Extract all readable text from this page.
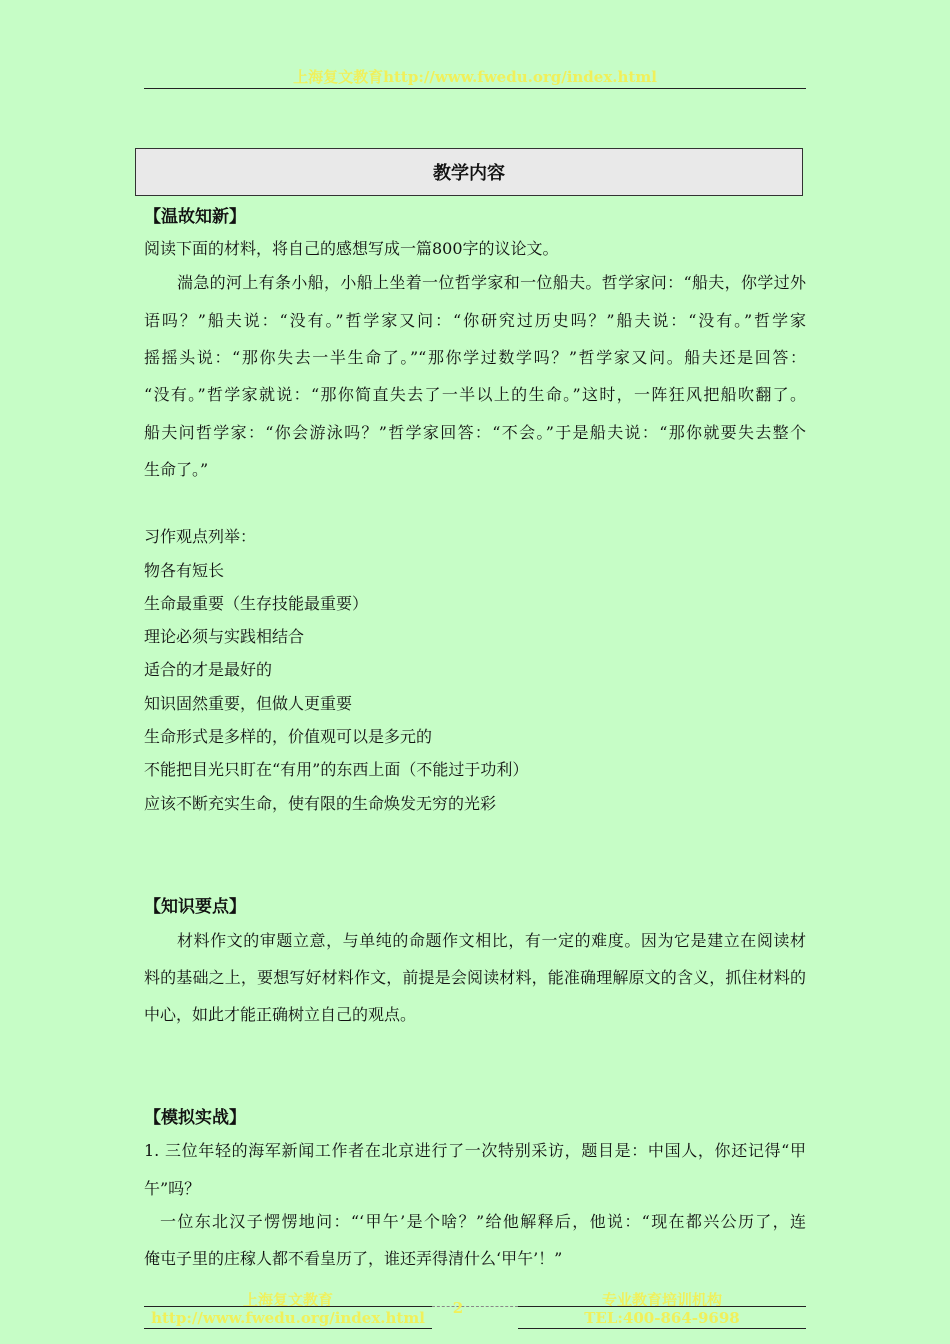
上海复文教育http://www.fwedu.org/index.html
教学内容
【温故知新】
阅读下面的材料，将自己的感想写成一篇800字的议论文。
湍急的河上有条小船，小船上坐着一位哲学家和一位船夫。哲学家问：“船夫，你学过外
语吗？”船夫说：“没有。”哲学家又问：“你研究过历史吗？”船夫说：“没有。”哲学家
摇摇头说：“那你失去一半生命了。”“那你学过数学吗？”哲学家又问。船夫还是回答：
“没有。”哲学家就说：“那你简直失去了一半以上的生命。”这时，一阵狂风把船吹翻了。
船夫问哲学家：“你会游泳吗？”哲学家回答：“不会。”于是船夫说：“那你就要失去整个
生命了。”
习作观点列举：
物各有短长
生命最重要（生存技能最重要）
理论必须与实践相结合
适合的才是最好的
知识固然重要，但做人更重要
生命形式是多样的，价值观可以是多元的
不能把目光只盯在“有用”的东西上面（不能过于功利）
应该不断充实生命，使有限的生命焕发无穷的光彩
【知识要点】
材料作文的审题立意，与单纯的命题作文相比，有一定的难度。因为它是建立在阅读材
料的基础之上，要想写好材料作文，前提是会阅读材料，能准确理解原文的含义，抓住材料的
中心，如此才能正确树立自己的观点。
【模拟实战】
1. 三位年轻的海军新闻工作者在北京进行了一次特别采访，题目是：中国人，你还记得“甲
午”吗？
一位东北汉子愣愣地问：“‘甲午’是个啥？”给他解释后，他说：“现在都兴公历了，连
俺屯子里的庄稼人都不看皇历了，谁还弄得清什么‘甲午’！”
上海复文教育
http://www.fwedu.org/index.html
2	专业教育培训机构
TEL:400-864-9698
